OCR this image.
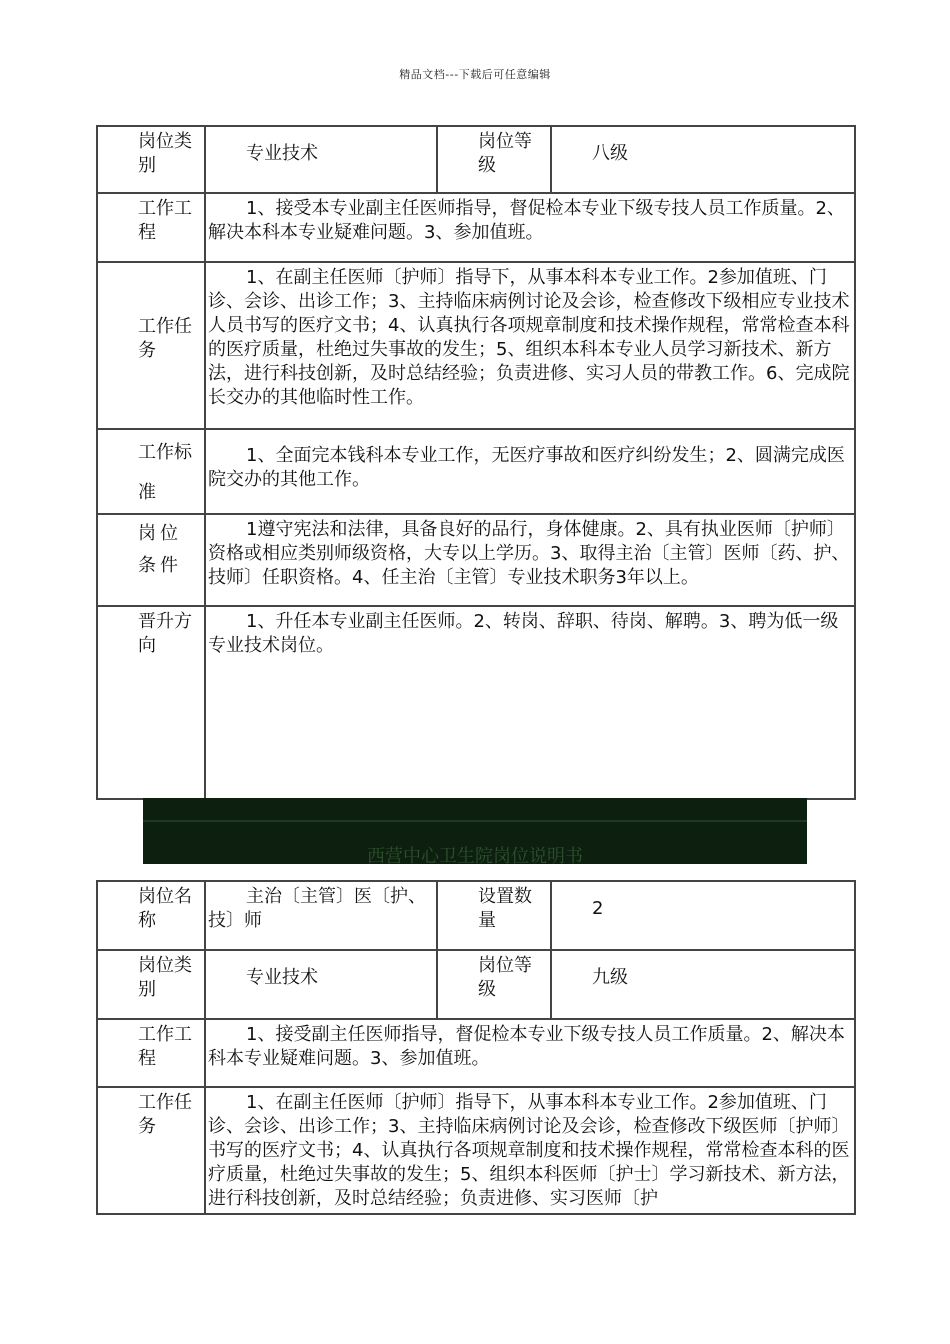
精品文档---下载后可任意编辑
岗位类别	专业技术	岗位等级	八级

工作工程	1、接受本专业副主任医师指导，督促检本专业下级专技人员工作质量。2、解决本科本专业疑难问题。3、参加值班。		

工作任务	1、在副主任医师〔护师〕指导下，从事本科本专业工作。2参加值班、门诊、会诊、出诊工作；3、主持临床病例讨论及会诊，检查修改下级相应专业技术人员书写的医疗文书；4、认真执行各项规章制度和技术操作规程，常常检查本科的医疗质量，杜绝过失事故的发生；5、组织本科本专业人员学习新技术、新方法，进行科技创新，及时总结经验；负责进修、实习人员的带教工作。6、完成院长交办的其他临时性工作。		

工作标准	1、全面完本钱科本专业工作，无医疗事故和医疗纠纷发生；2、圆满完成医院交办的其他工作。		

岗位条件	1遵守宪法和法律，具备良好的品行，身体健康。2、具有执业医师〔护师〕资格或相应类别师级资格，大专以上学历。3、取得主治〔主管〕医师〔药、护、技师〕任职资格。4、任主治〔主管〕专业技术职务3年以上。		

晋升方向	1、升任本专业副主任医师。2、转岗、辞职、待岗、解聘。3、聘为低一级专业技术岗位。		
西营中心卫生院岗位说明书
岗位名称	主治〔主管〕医〔护、技〕师	设置数量	2

岗位类别	专业技术	岗位等级	九级

工作工程	1、接受副主任医师指导，督促检本专业下级专技人员工作质量。2、解决本科本专业疑难问题。3、参加值班。		

工作任务	1、在副主任医师〔护师〕指导下，从事本科本专业工作。2参加值班、门诊、会诊、出诊工作；3、主持临床病例讨论及会诊，检查修改下级医师〔护师〕书写的医疗文书；4、认真执行各项规章制度和技术操作规程，常常检查本科的医疗质量，杜绝过失事故的发生；5、组织本科医师〔护士〕学习新技术、新方法，进行科技创新，及时总结经验；负责进修、实习医师〔护		
